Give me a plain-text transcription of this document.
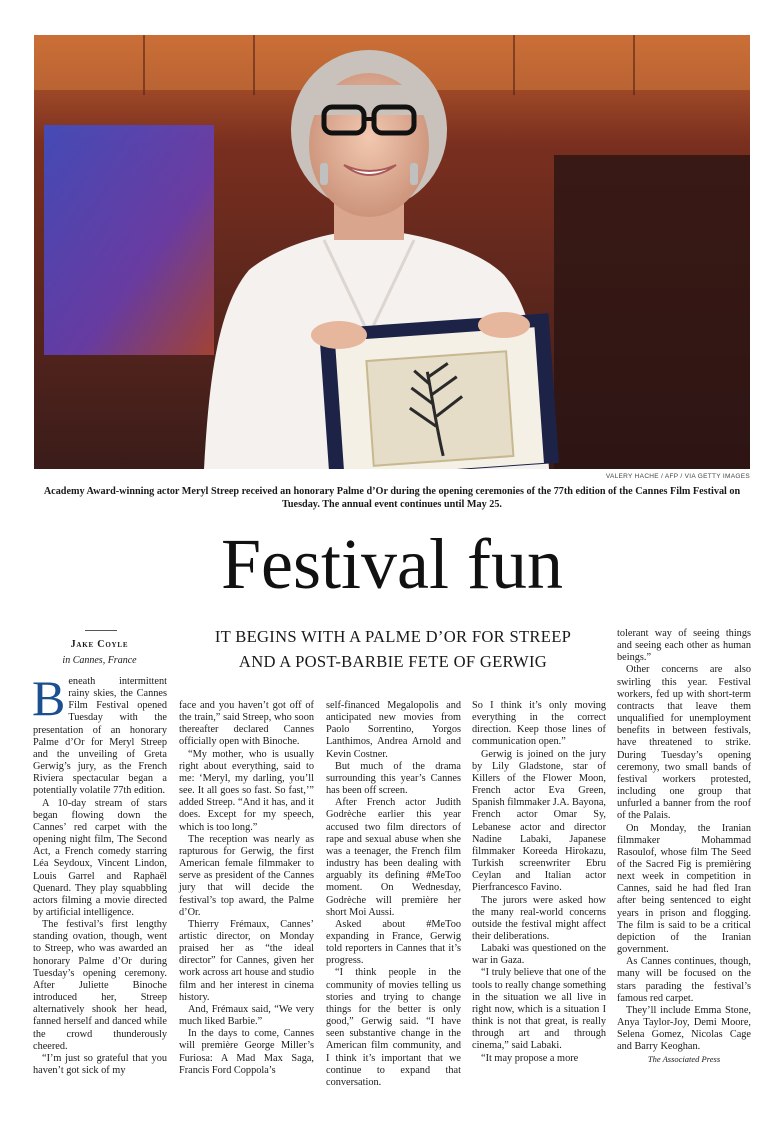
VALERY HACHE / AFP / VIA GETTY IMAGES
Academy Award-winning actor Meryl Streep received an honorary Palme d’Or during the opening ceremonies of the 77th edition of the Cannes Film Festival on Tuesday. The annual event continues until May 25.
Festival fun
IT BEGINS WITH A PALME D’OR FOR STREEP
AND A POST-BARBIE FETE OF GERWIG
Jake Coyle
in Cannes, France

Beneath intermittent rainy skies, the Cannes Film Festival opened Tuesday with the presentation of an honorary Palme d’Or for Meryl Streep and the unveiling of Greta Gerwig’s jury, as the French Riviera spectacular began a potentially volatile 77th edition.

A 10-day stream of stars began flowing down the Cannes’ red carpet with the opening night film, The Second Act, a French comedy starring Léa Seydoux, Vincent Lindon, Louis Garrel and Raphaël Quenard. They play squabbling actors filming a movie directed by artificial intelligence.

The festival’s first lengthy standing ovation, though, went to Streep, who was awarded an honorary Palme d’Or during Tuesday’s opening ceremony. After Juliette Binoche introduced her, Streep alternatively shook her head, fanned herself and danced while the crowd thunderously cheered.

“I’m just so grateful that you haven’t got sick of my

face and you haven’t got off of the train,” said Streep, who soon thereafter declared Cannes officially open with Binoche.

“My mother, who is usually right about everything, said to me: ‘Meryl, my darling, you’ll see. It all goes so fast. So fast,’” added Streep. “And it has, and it does. Except for my speech, which is too long.”

The reception was nearly as rapturous for Gerwig, the first American female filmmaker to serve as president of the Cannes jury that will decide the festival’s top award, the Palme d’Or.

Thierry Frémaux, Cannes’ artistic director, on Monday praised her as “the ideal director” for Cannes, given her work across art house and studio film and her interest in cinema history.

And, Frémaux said, “We very much liked Barbie.”

In the days to come, Cannes will première George Miller’s Furiosa: A Mad Max Saga, Francis Ford Coppola’s

self-financed Megalopolis and anticipated new movies from Paolo Sorrentino, Yorgos Lanthimos, Andrea Arnold and Kevin Costner.

But much of the drama surrounding this year’s Cannes has been off screen.

After French actor Judith Godrèche earlier this year accused two film directors of rape and sexual abuse when she was a teenager, the French film industry has been dealing with arguably its defining #MeToo moment. On Wednesday, Godrèche will première her short Moi Aussi.

Asked about #MeToo expanding in France, Gerwig told reporters in Cannes that it’s progress.

“I think people in the community of movies telling us stories and trying to change things for the better is only good,” Gerwig said. “I have seen substantive change in the American film community, and I think it’s important that we continue to expand that conversation.

So I think it’s only moving everything in the correct direction. Keep those lines of communication open.”

Gerwig is joined on the jury by Lily Gladstone, star of Killers of the Flower Moon, French actor Eva Green, Spanish filmmaker J.A. Bayona, French actor Omar Sy, Lebanese actor and director Nadine Labaki, Japanese filmmaker Koreeda Hirokazu, Turkish screenwriter Ebru Ceylan and Italian actor Pierfrancesco Favino.

The jurors were asked how the many real-world concerns outside the festival might affect their deliberations.

Labaki was questioned on the war in Gaza.

“I truly believe that one of the tools to really change something in the situation we all live in right now, which is a situation I think is not that great, is really through art and through cinema,” said Labaki.

“It may propose a more

tolerant way of seeing things and seeing each other as human beings.”

Other concerns are also swirling this year. Festival workers, fed up with short-term contracts that leave them unqualified for unemployment benefits in between festivals, have threatened to strike. During Tuesday’s opening ceremony, two small bands of festival workers protested, including one group that unfurled a banner from the roof of the Palais.

On Monday, the Iranian filmmaker Mohammad Rasoulof, whose film The Seed of the Sacred Fig is premièring next week in competition in Cannes, said he had fled Iran after being sentenced to eight years in prison and flogging. The film is said to be a critical depiction of the Iranian government.

As Cannes continues, though, many will be focused on the stars parading the festival’s famous red carpet.

They’ll include Emma Stone, Anya Taylor-Joy, Demi Moore, Selena Gomez, Nicolas Cage and Barry Keoghan.

The Associated Press
